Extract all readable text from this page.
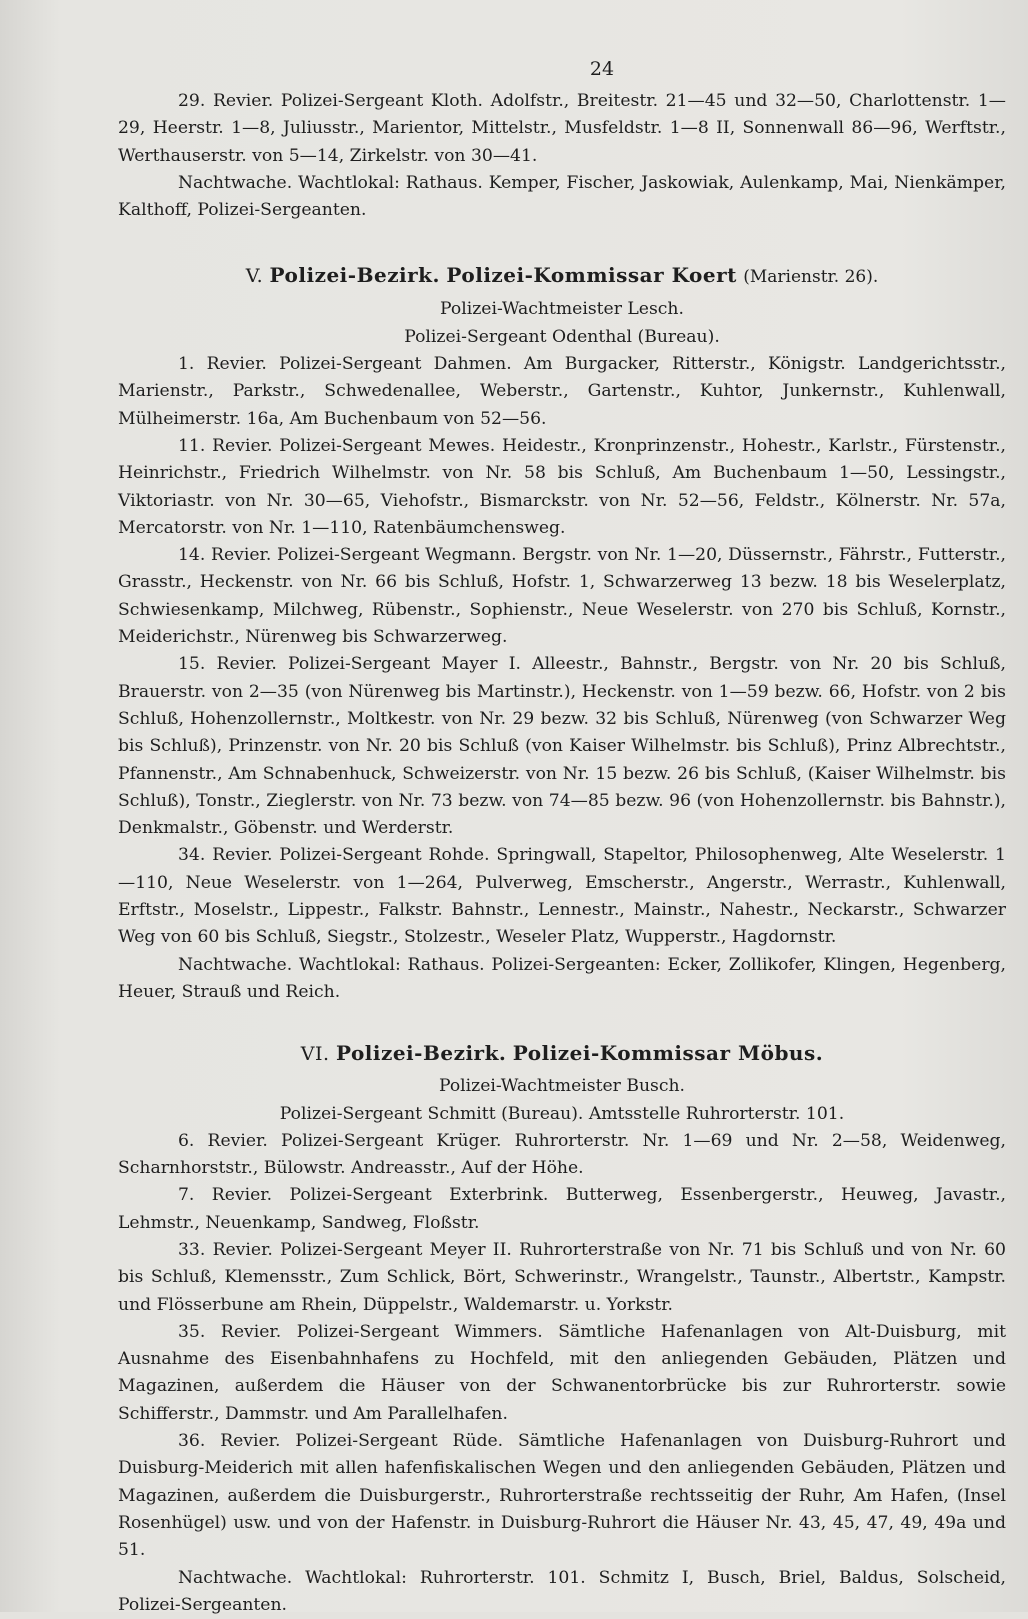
24

29. Revier. Polizei-Sergeant Kloth. Adolfstr., Breitestr. 21—45 und 32—50, Charlottenstr. 1—29, Heerstr. 1—8, Juliusstr., Marientor, Mittelstr., Musfeldstr. 1—8 II, Sonnenwall 86—96, Werftstr., Werthauserstr. von 5—14, Zirkelstr. von 30—41.

Nachtwache. Wachtlokal: Rathaus. Kemper, Fischer, Jaskowiak, Aulenkamp, Mai, Nienkämper, Kalthoff, Polizei-Sergeanten.

V. Polizei-Bezirk. Polizei-Kommissar Koert (Marienstr. 26).

Polizei-Wachtmeister Lesch.

Polizei-Sergeant Odenthal (Bureau).

1. Revier. Polizei-Sergeant Dahmen. Am Burgacker, Ritterstr., Königstr. Landgerichtsstr., Marienstr., Parkstr., Schwedenallee, Weberstr., Gartenstr., Kuhtor, Junkernstr., Kuhlenwall, Mülheimerstr. 16a, Am Buchenbaum von 52—56.

11. Revier. Polizei-Sergeant Mewes. Heidestr., Kronprinzenstr., Hohestr., Karlstr., Fürstenstr., Heinrichstr., Friedrich Wilhelmstr. von Nr. 58 bis Schluß, Am Buchenbaum 1—50, Lessingstr., Viktoriastr. von Nr. 30—65, Viehofstr., Bismarckstr. von Nr. 52—56, Feldstr., Kölnerstr. Nr. 57a, Mercatorstr. von Nr. 1—110, Ratenbäumchensweg.

14. Revier. Polizei-Sergeant Wegmann. Bergstr. von Nr. 1—20, Düssernstr., Fährstr., Futterstr., Grasstr., Heckenstr. von Nr. 66 bis Schluß, Hofstr. 1, Schwarzerweg 13 bezw. 18 bis Weselerplatz, Schwiesenkamp, Milchweg, Rübenstr., Sophienstr., Neue Weselerstr. von 270 bis Schluß, Kornstr., Meiderichstr., Nürenweg bis Schwarzerweg.

15. Revier. Polizei-Sergeant Mayer I. Alleestr., Bahnstr., Bergstr. von Nr. 20 bis Schluß, Brauerstr. von 2—35 (von Nürenweg bis Martinstr.), Heckenstr. von 1—59 bezw. 66, Hofstr. von 2 bis Schluß, Hohenzollernstr., Moltkestr. von Nr. 29 bezw. 32 bis Schluß, Nürenweg (von Schwarzer Weg bis Schluß), Prinzenstr. von Nr. 20 bis Schluß (von Kaiser Wilhelmstr. bis Schluß), Prinz Albrechtstr., Pfannenstr., Am Schnabenhuck, Schweizerstr. von Nr. 15 bezw. 26 bis Schluß, (Kaiser Wilhelmstr. bis Schluß), Tonstr., Zieglerstr. von Nr. 73 bezw. von 74—85 bezw. 96 (von Hohenzollernstr. bis Bahnstr.), Denkmalstr., Göbenstr. und Werderstr.

34. Revier. Polizei-Sergeant Rohde. Springwall, Stapeltor, Philosophenweg, Alte Weselerstr. 1—110, Neue Weselerstr. von 1—264, Pulverweg, Emscherstr., Angerstr., Werrastr., Kuhlenwall, Erftstr., Moselstr., Lippestr., Falkstr. Bahnstr., Lennestr., Mainstr., Nahestr., Neckarstr., Schwarzer Weg von 60 bis Schluß, Siegstr., Stolzestr., Weseler Platz, Wupperstr., Hagdornstr.

Nachtwache. Wachtlokal: Rathaus. Polizei-Sergeanten: Ecker, Zollikofer, Klingen, Hegenberg, Heuer, Strauß und Reich.

VI. Polizei-Bezirk. Polizei-Kommissar Möbus.

Polizei-Wachtmeister Busch.

Polizei-Sergeant Schmitt (Bureau). Amtsstelle Ruhrorterstr. 101.

6. Revier. Polizei-Sergeant Krüger. Ruhrorterstr. Nr. 1—69 und Nr. 2—58, Weidenweg, Scharnhorststr., Bülowstr. Andreasstr., Auf der Höhe.

7. Revier. Polizei-Sergeant Exterbrink. Butterweg, Essenbergerstr., Heuweg, Javastr., Lehmstr., Neuenkamp, Sandweg, Floßstr.

33. Revier. Polizei-Sergeant Meyer II. Ruhrorterstraße von Nr. 71 bis Schluß und von Nr. 60 bis Schluß, Klemensstr., Zum Schlick, Bört, Schwerinstr., Wrangelstr., Taunstr., Albertstr., Kampstr. und Flösserbune am Rhein, Düppelstr., Waldemarstr. u. Yorkstr.

35. Revier. Polizei-Sergeant Wimmers. Sämtliche Hafenanlagen von Alt-Duisburg, mit Ausnahme des Eisenbahnhafens zu Hochfeld, mit den anliegenden Gebäuden, Plätzen und Magazinen, außerdem die Häuser von der Schwanentorbrücke bis zur Ruhrorterstr. sowie Schifferstr., Dammstr. und Am Parallelhafen.

36. Revier. Polizei-Sergeant Rüde. Sämtliche Hafenanlagen von Duisburg-Ruhrort und Duisburg-Meiderich mit allen hafenfiskalischen Wegen und den anliegenden Gebäuden, Plätzen und Magazinen, außerdem die Duisburgerstr., Ruhrorterstraße rechtsseitig der Ruhr, Am Hafen, (Insel Rosenhügel) usw. und von der Hafenstr. in Duisburg-Ruhrort die Häuser Nr. 43, 45, 47, 49, 49a und 51.

Nachtwache. Wachtlokal: Ruhrorterstr. 101. Schmitz I, Busch, Briel, Baldus, Solscheid, Polizei-Sergeanten.
